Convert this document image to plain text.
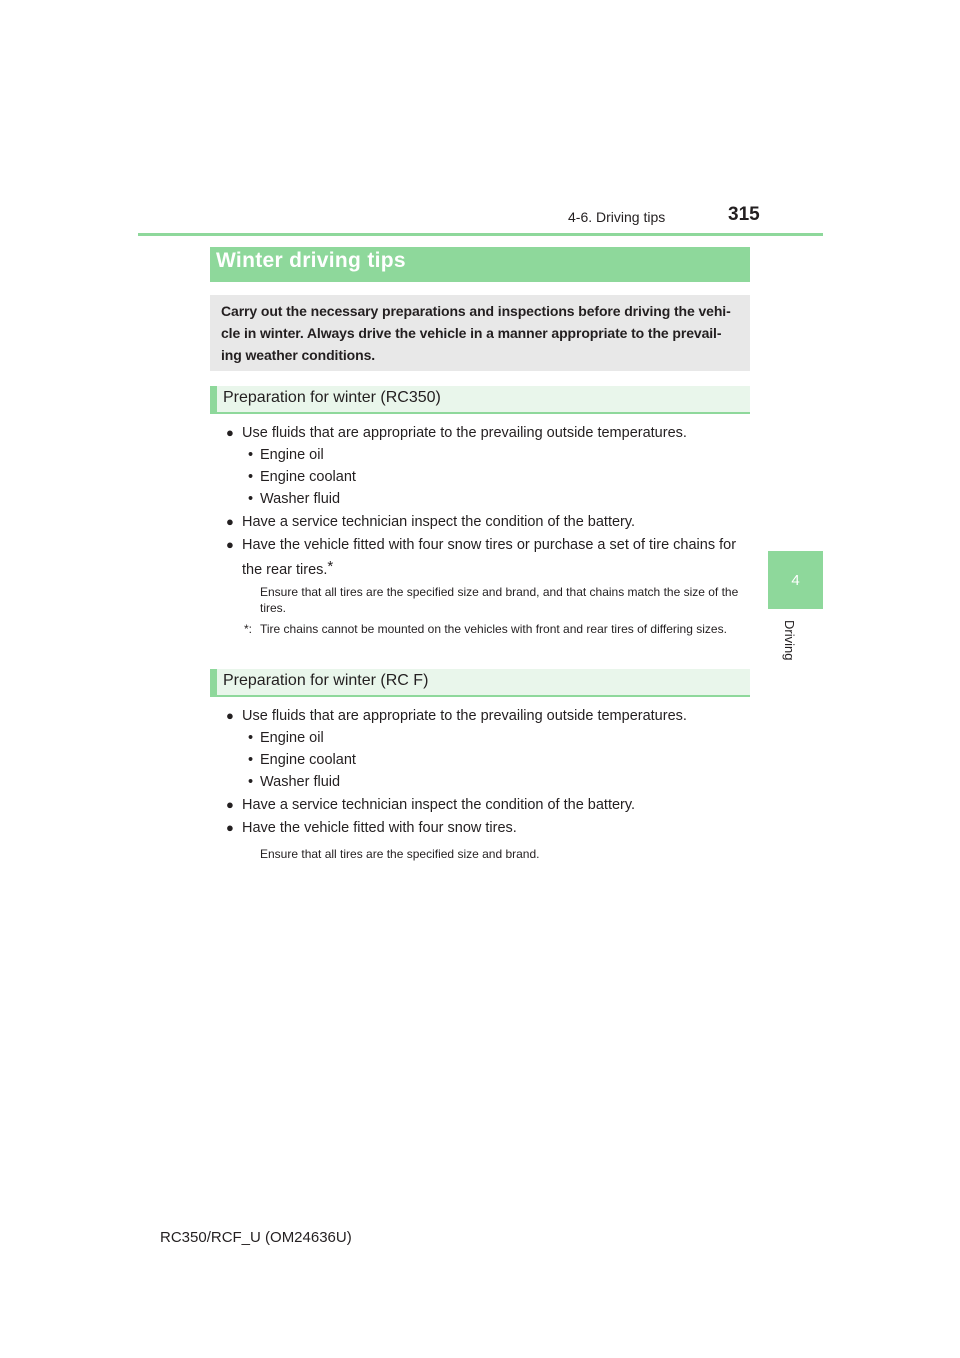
4-6. Driving tips	315
4
Driving
Winter driving tips
Carry out the necessary preparations and inspections before driving the vehi-cle in winter. Always drive the vehicle in a manner appropriate to the prevail-ing weather conditions.
Preparation for winter (RC350)
● Use fluids that are appropriate to the prevailing outside temperatures.
• Engine oil
• Engine coolant
• Washer fluid
● Have a service technician inspect the condition of the battery.
● Have the vehicle fitted with four snow tires or purchase a set of tire chains for the rear tires.*
Ensure that all tires are the specified size and brand, and that chains match the size of the tires.
*: Tire chains cannot be mounted on the vehicles with front and rear tires of differing sizes.
Preparation for winter (RC F)
● Use fluids that are appropriate to the prevailing outside temperatures.
• Engine oil
• Engine coolant
• Washer fluid
● Have a service technician inspect the condition of the battery.
● Have the vehicle fitted with four snow tires.
Ensure that all tires are the specified size and brand.
RC350/RCF_U (OM24636U)
